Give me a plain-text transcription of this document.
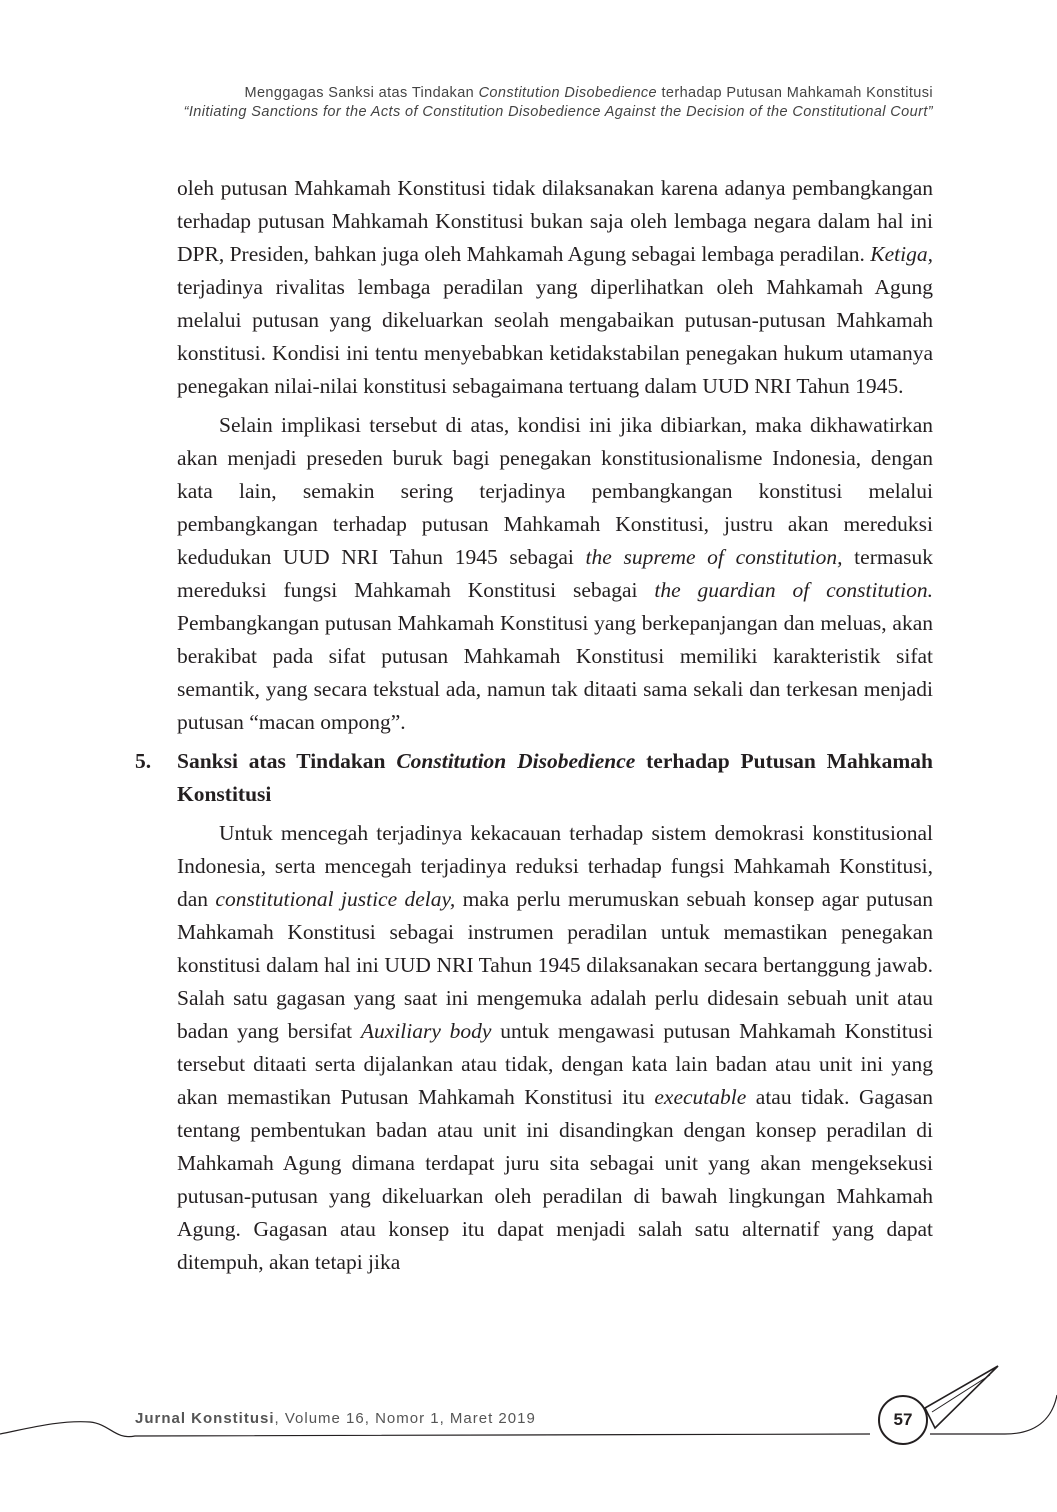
Menggagas Sanksi atas Tindakan Constitution Disobedience terhadap Putusan Mahkamah Konstitusi
“Initiating Sanctions for the Acts of Constitution Disobedience Against the Decision of the Constitutional Court”

oleh putusan Mahkamah Konstitusi tidak dilaksanakan karena adanya pembangkangan terhadap putusan Mahkamah Konstitusi bukan saja oleh lembaga negara dalam hal ini DPR, Presiden, bahkan juga oleh Mahkamah Agung sebagai lembaga peradilan. Ketiga, terjadinya rivalitas lembaga peradilan yang diperlihatkan oleh Mahkamah Agung melalui putusan yang dikeluarkan seolah mengabaikan putusan-putusan Mahkamah konstitusi. Kondisi ini tentu menyebabkan ketidakstabilan penegakan hukum utamanya penegakan nilai-nilai konstitusi sebagaimana tertuang dalam UUD NRI Tahun 1945.

Selain implikasi tersebut di atas, kondisi ini jika dibiarkan, maka dikhawatirkan akan menjadi preseden buruk bagi penegakan konstitusionalisme Indonesia, dengan kata lain, semakin sering terjadinya pembangkangan konstitusi melalui pembangkangan terhadap putusan Mahkamah Konstitusi, justru akan mereduksi kedudukan UUD NRI Tahun 1945 sebagai the supreme of constitution, termasuk mereduksi fungsi Mahkamah Konstitusi sebagai the guardian of constitution. Pembangkangan putusan Mahkamah Konstitusi yang berkepanjangan dan meluas, akan berakibat pada sifat putusan Mahkamah Konstitusi memiliki karakteristik sifat semantik, yang secara tekstual ada, namun tak ditaati sama sekali dan terkesan menjadi putusan “macan ompong”.

5. Sanksi atas Tindakan Constitution Disobedience terhadap Putusan Mahkamah Konstitusi

Untuk mencegah terjadinya kekacauan terhadap sistem demokrasi konstitusional Indonesia, serta mencegah terjadinya reduksi terhadap fungsi Mahkamah Konstitusi, dan constitutional justice delay, maka perlu merumuskan sebuah konsep agar putusan Mahkamah Konstitusi sebagai instrumen peradilan untuk memastikan penegakan konstitusi dalam hal ini UUD NRI Tahun 1945 dilaksanakan secara bertanggung jawab. Salah satu gagasan yang saat ini mengemuka adalah perlu didesain sebuah unit atau badan yang bersifat Auxiliary body untuk mengawasi putusan Mahkamah Konstitusi tersebut ditaati serta dijalankan atau tidak, dengan kata lain badan atau unit ini yang akan memastikan Putusan Mahkamah Konstitusi itu executable atau tidak. Gagasan tentang pembentukan badan atau unit ini disandingkan dengan konsep peradilan di Mahkamah Agung dimana terdapat juru sita sebagai unit yang akan mengeksekusi putusan-putusan yang dikeluarkan oleh peradilan di bawah lingkungan Mahkamah Agung. Gagasan atau konsep itu dapat menjadi salah satu alternatif yang dapat ditempuh, akan tetapi jika

Jurnal Konstitusi, Volume 16, Nomor 1, Maret 2019	57
